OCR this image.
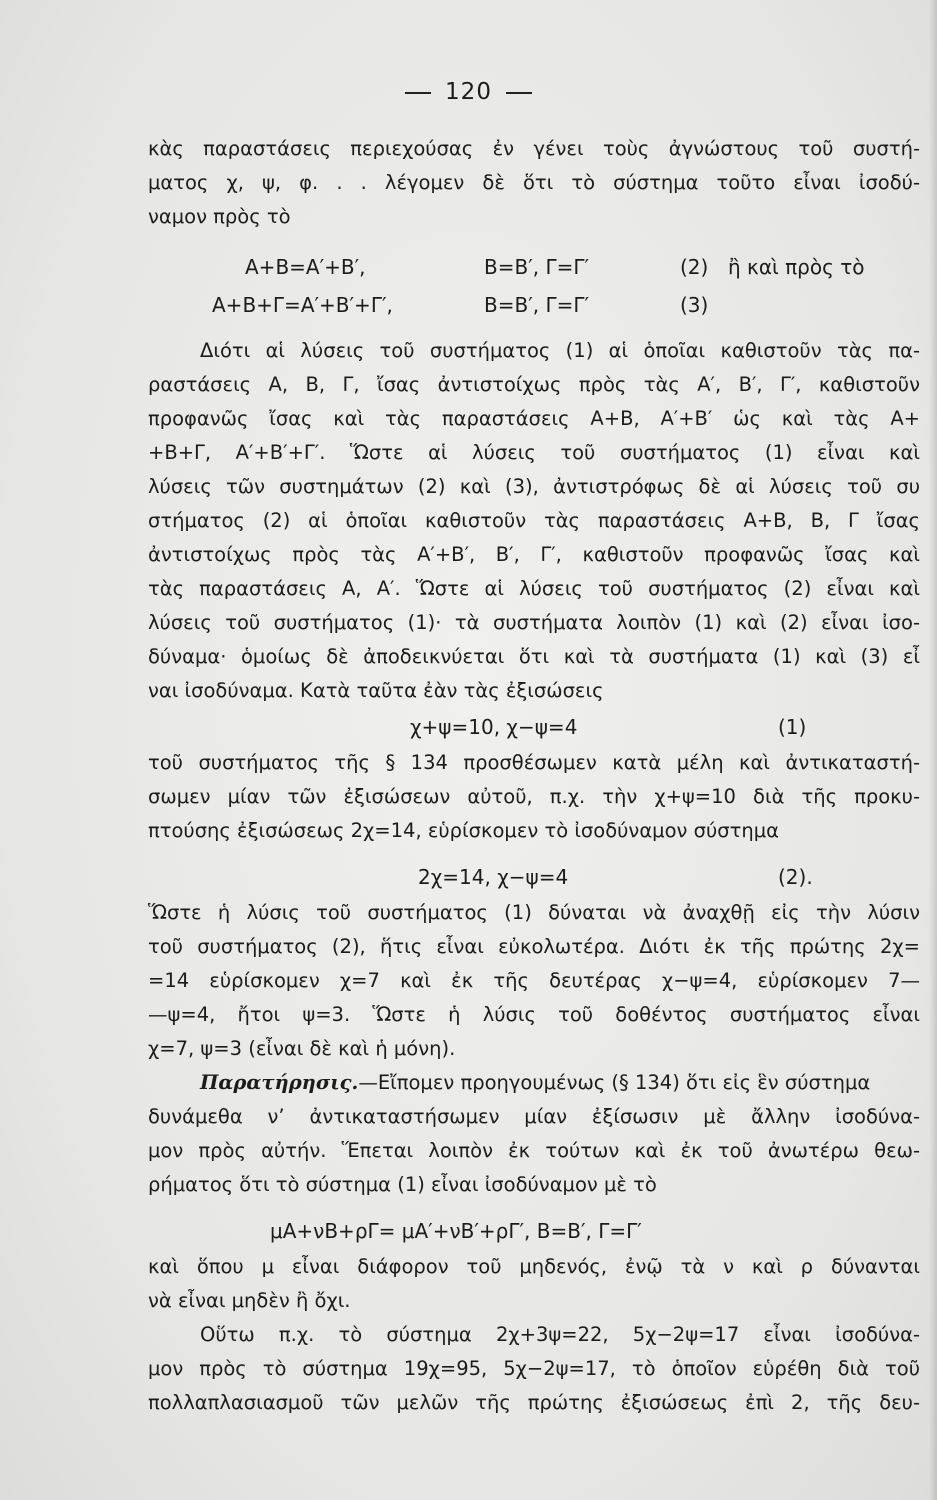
120
κὰς παραστάσεις περιεχούσας ἐν γένει τοὺς ἀγνώστους τοῦ συστή-
ματος χ, ψ, φ. . . λέγομεν δὲ ὅτι τὸ σύστημα τοῦτο εἶναι ἰσοδύ-
ναμον πρὸς τὸ
Α+Β=Α′+Β′,	Β=Β′, Γ=Γ′	(2) ἢ καὶ πρὸς τὸ
Α+Β+Γ=Α′+Β′+Γ′,	Β=Β′, Γ=Γ′	(3)
Διότι αἱ λύσεις τοῦ συστήματος (1) αἱ ὁποῖαι καθιστοῦν τὰς πα-
ραστάσεις Α, Β, Γ, ἴσας ἀντιστοίχως πρὸς τὰς Α′, Β′, Γ′, καθιστοῦν
προφανῶς ἴσας καὶ τὰς παραστάσεις Α+Β, Α′+Β′ ὡς καὶ τὰς Α+
+Β+Γ, Α′+Β′+Γ′. Ὥστε αἱ λύσεις τοῦ συστήματος (1) εἶναι καὶ
λύσεις τῶν συστημάτων (2) καὶ (3), ἀντιστρόφως δὲ αἱ λύσεις τοῦ συ
στήματος (2) αἱ ὁποῖαι καθιστοῦν τὰς παραστάσεις Α+Β, Β, Γ ἴσας
ἀντιστοίχως πρὸς τὰς Α′+Β′, Β′, Γ′, καθιστοῦν προφανῶς ἴσας καὶ
τὰς παραστάσεις Α, Α′. Ὥστε αἱ λύσεις τοῦ συστήματος (2) εἶναι καὶ
λύσεις τοῦ συστήματος (1)· τὰ συστήματα λοιπὸν (1) καὶ (2) εἶναι ἰσο-
δύναμα· ὁμοίως δὲ ἀποδεικνύεται ὅτι καὶ τὰ συστήματα (1) καὶ (3) εἶ
ναι ἰσοδύναμα. Κατὰ ταῦτα ἐὰν τὰς ἐξισώσεις
χ+ψ=10, χ−ψ=4	(1)
τοῦ συστήματος τῆς § 134 προσθέσωμεν κατὰ μέλη καὶ ἀντικαταστή-
σωμεν μίαν τῶν ἐξισώσεων αὐτοῦ, π.χ. τὴν χ+ψ=10 διὰ τῆς προκυ-
πτούσης ἐξισώσεως 2χ=14, εὑρίσκομεν τὸ ἰσοδύναμον σύστημα
2χ=14, χ−ψ=4	(2).
Ὥστε ἡ λύσις τοῦ συστήματος (1) δύναται νὰ ἀναχθῇ εἰς τὴν λύσιν
τοῦ συστήματος (2), ἥτις εἶναι εὐκολωτέρα. Διότι ἐκ τῆς πρώτης 2χ=
=14 εὑρίσκομεν χ=7 καὶ ἐκ τῆς δευτέρας χ−ψ=4, εὑρίσκομεν 7—
—ψ=4, ἤτοι ψ=3. Ὥστε ἡ λύσις τοῦ δοθέντος συστήματος εἶναι
χ=7, ψ=3 (εἶναι δὲ καὶ ἡ μόνη).
Παρατήρησις.—Εἴπομεν προηγουμένως (§ 134) ὅτι εἰς ἓν σύστημα
δυνάμεθα ν’ ἀντικαταστήσωμεν μίαν ἐξίσωσιν μὲ ἄλλην ἰσοδύνα-
μον πρὸς αὐτήν. Ἕπεται λοιπὸν ἐκ τούτων καὶ ἐκ τοῦ ἀνωτέρω θεω-
ρήματος ὅτι τὸ σύστημα (1) εἶναι ἰσοδύναμον μὲ τὸ
μΑ+νΒ+ρΓ= μΑ′+νΒ′+ρΓ′, Β=Β′, Γ=Γ′
καὶ ὅπου μ εἶναι διάφορον τοῦ μηδενός, ἐνῷ τὰ ν καὶ ρ δύνανται
νὰ εἶναι μηδὲν ἢ ὄχι.
Οὕτω π.χ. τὸ σύστημα 2χ+3ψ=22, 5χ−2ψ=17 εἶναι ἰσοδύνα-
μον πρὸς τὸ σύστημα 19χ=95, 5χ−2ψ=17, τὸ ὁποῖον εὑρέθη διὰ τοῦ
πολλαπλασιασμοῦ τῶν μελῶν τῆς πρώτης ἐξισώσεως ἐπὶ 2, τῆς δευ-
